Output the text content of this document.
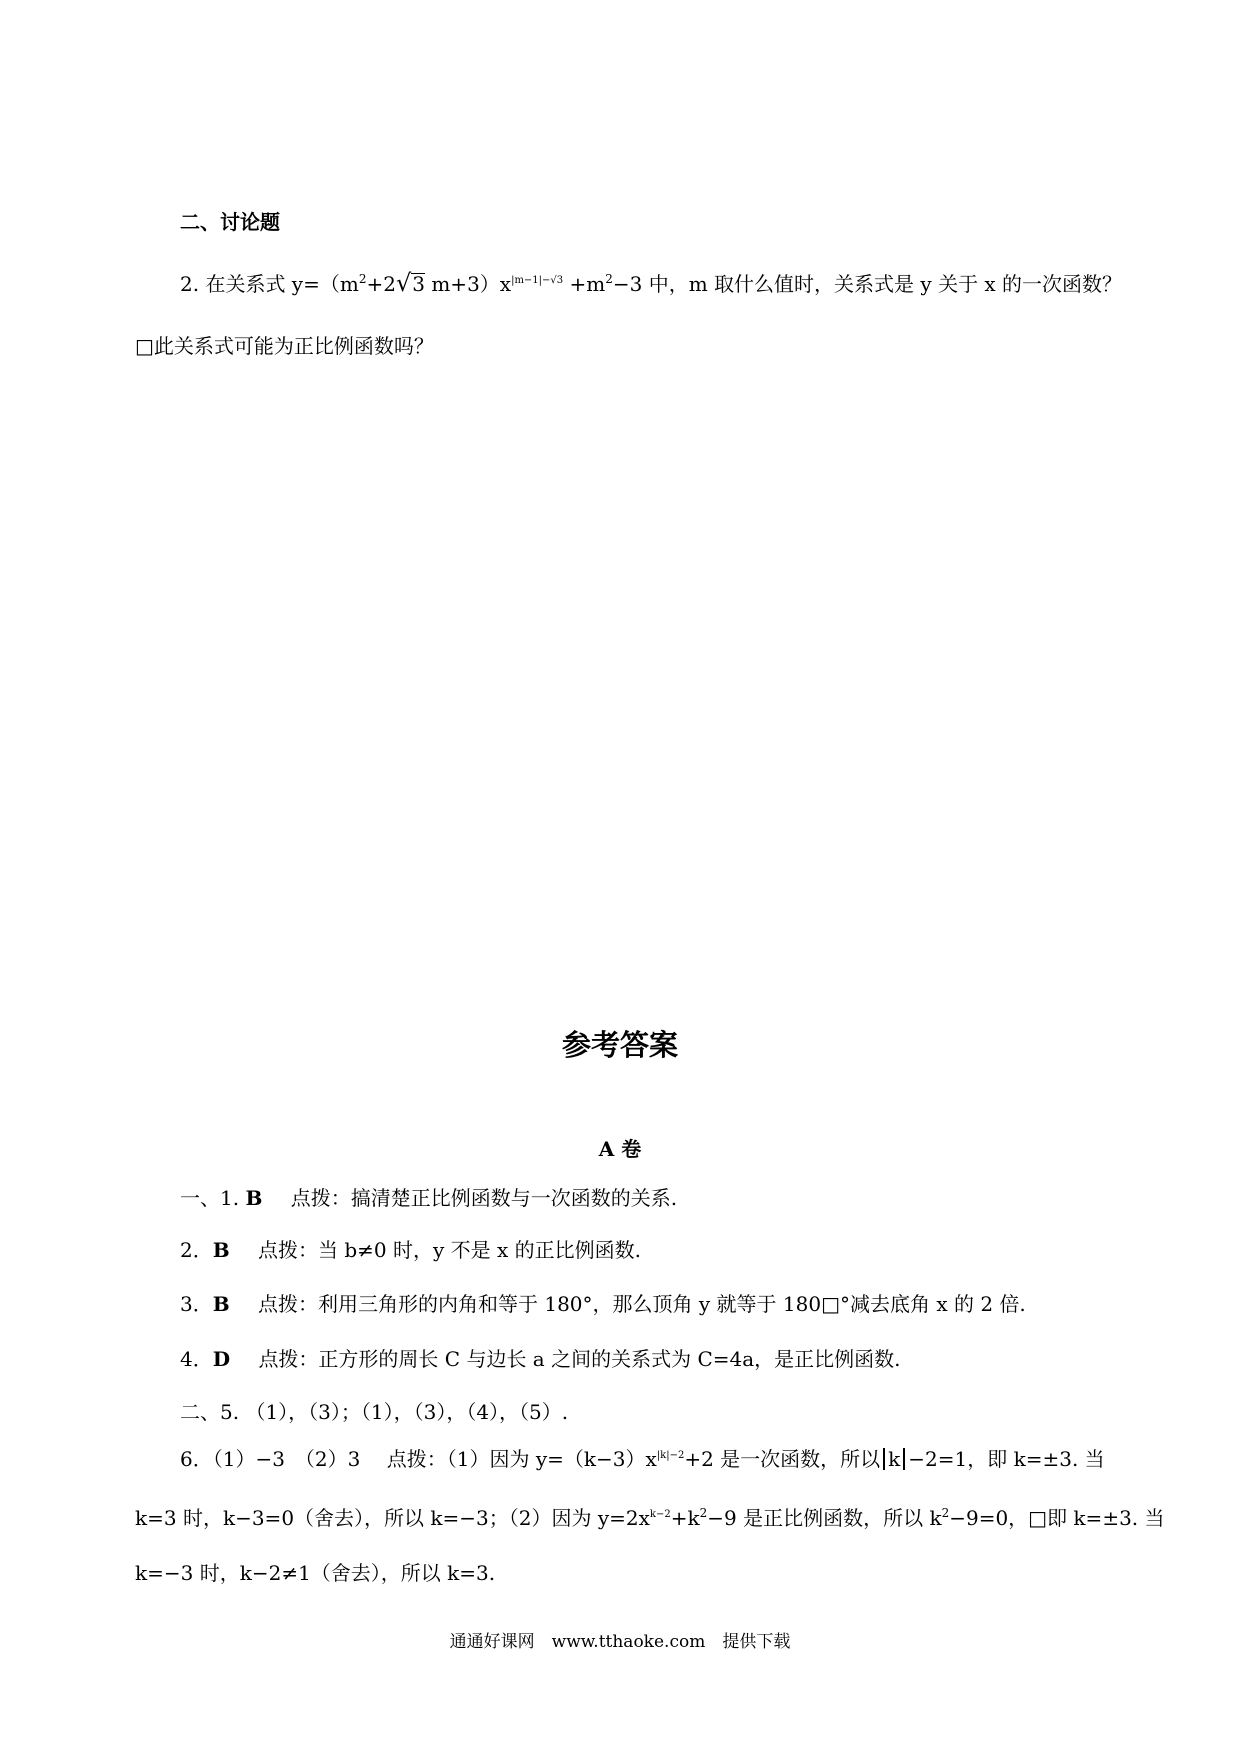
二、讨论题
2. 在关系式 $y=(m^2+2√3$ $m+3)x^{|m-1|-√3} +m^2-3$ 中，m 取什么值时，关系式是 y 关于 x 的一次函数？
□此关系式可能为正比例函数吗？
参考答案
A 卷
一、1. B 点拨：搞清楚正比例函数与一次函数的关系.
2．B 点拨：当 b≠0 时，y 不是 x 的正比例函数.
3．B 点拨：利用三角形的内角和等于 180°，那么顶角 y 就等于 180□°减去底角 x 的 2 倍.
4．D 点拨：正方形的周长 C 与边长 a 之间的关系式为 C=4a，是正比例函数.
二、5. （1），（3）；（1），（3），（4），（5）.
6．（1）−3　（2）3　 点拨：（1）因为 $y=(k-3)x^{|k|-2}+2$ 是一次函数，所以 k −2=1，即 k=±3. 当
k=3 时，k−3=0（舍去），所以 k=−3；（2）因为 $y=2x^{k-2}+k^2-9$ 是正比例函数，所以 $k^2-9=0$，□即 k=±3. 当
k=−3 时，k−2≠1（舍去），所以 k=3.
通通好课网　www.tthaoke.com　提供下载
